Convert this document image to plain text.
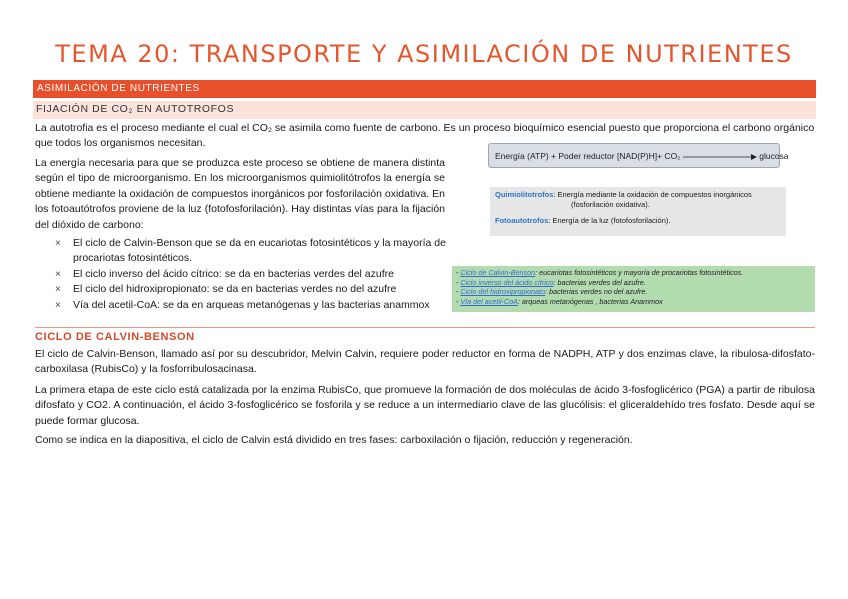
TEMA 20: TRANSPORTE Y ASIMILACIÓN DE NUTRIENTES
ASIMILACIÓN DE NUTRIENTES
FIJACIÓN DE CO₂ EN AUTOTROFOS

La autotrofia es el proceso mediante el cual el CO₂ se asimila como fuente de carbono. Es un proceso bioquímico esencial puesto que proporciona el carbono orgánico que todos los organismos necesitan.

La energía necesaria para que se produzca este proceso se obtiene de manera distinta según el tipo de microorganismo. En los microorganismos quimiolitótrofos la energía se obtiene mediante la oxidación de compuestos inorgánicos por fosforilación oxidativa. En los fotoautótrofos proviene de la luz (fotofosforilación). Hay distintas vías para la fijación del dióxido de carbono:

× El ciclo de Calvin-Benson que se da en eucariotas fotosintéticos y la mayoría de procariotas fotosintéticos.
× El ciclo inverso del ácido cítrico: se da en bacterias verdes del azufre
× El ciclo del hidroxipropionato: se da en bacterias verdes no del azufre
× Vía del acetil-CoA: se da en arqueas metanógenas y las bacterias anammox
Energía (ATP) + Poder reductor [NAD(P)H]+ CO₂	glucosa
Quimiolitotrofos: Energía mediante la oxidación de compuestos inorgánicos
(fosforilación oxidativa).
Fotoautotrofos: Energía de la luz (fotofosforilación).
- Ciclo de Calvin-Benson: eucariotas fotosintéticos y mayoría de procariotas fotosintéticos.
- Ciclo inverso del ácido cítrico: bacterias verdes del azufre.
- Ciclo del hidroxipropionato: bacterias verdes no del azufre.
- Vía del acetil-CoA: arqueas metanógenas , bacterias Anammox
CICLO DE CALVIN-BENSON

El ciclo de Calvin-Benson, llamado así por su descubridor, Melvin Calvin, requiere poder reductor en forma de NADPH, ATP y dos enzimas clave, la ribulosa-difosfato-carboxilasa (RubisCo) y la fosforribulosacinasa.

La primera etapa de este ciclo está catalizada por la enzima RubisCo, que promueve la formación de dos moléculas de ácido 3-fosfoglicérico (PGA) a partir de ribulosa difosfato y CO2. A continuación, el ácido 3-fosfoglicérico se fosforila y se reduce a un intermediario clave de las glucólisis: el gliceraldehído tres fosfato. Desde aquí se puede formar glucosa.

Como se indica en la diapositiva, el ciclo de Calvin está dividido en tres fases: carboxilación o fijación, reducción y regeneración.
